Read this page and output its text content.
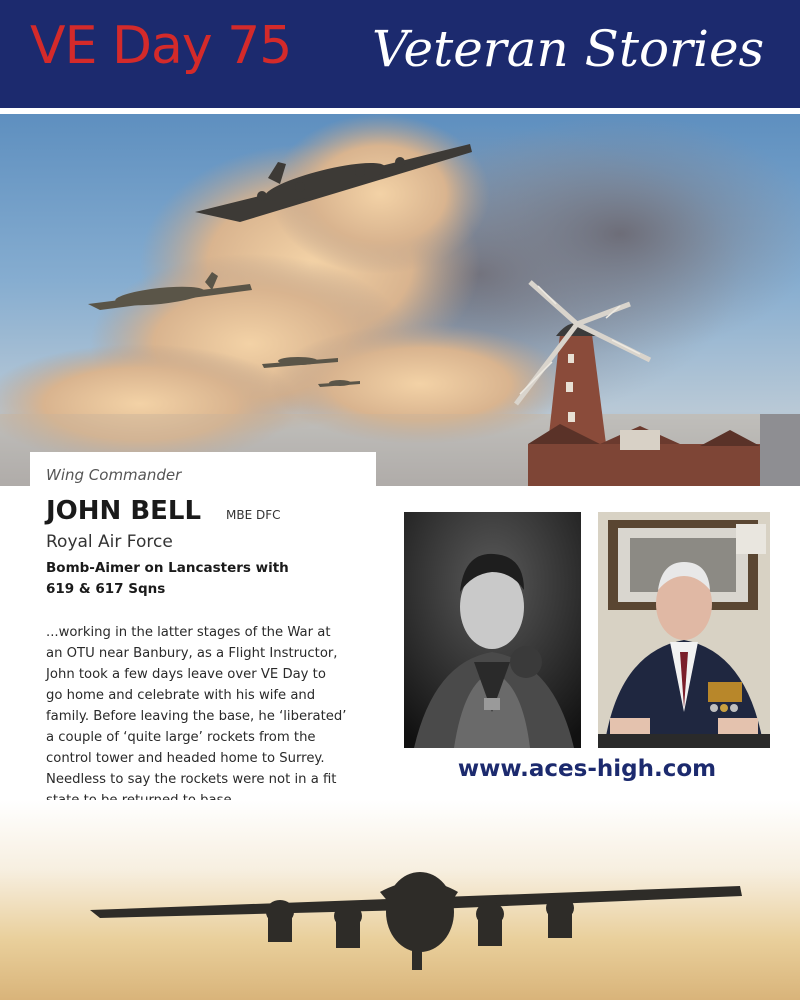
VE Day 75 Veteran Stories
Wing Commander
JOHN BELL MBE DFC
Royal Air Force
Bomb-Aimer on Lancasters with
619 & 617 Sqns
...working in the latter stages of the War at
an OTU near Banbury, as a Flight Instructor,
John took a few days leave over VE Day to
go home and celebrate with his wife and
family. Before leaving the base, he ‘liberated’
a couple of ‘quite large’ rockets from the
control tower and headed home to Surrey.
Needless to say the rockets were not in a fit	www.aces-high.com
